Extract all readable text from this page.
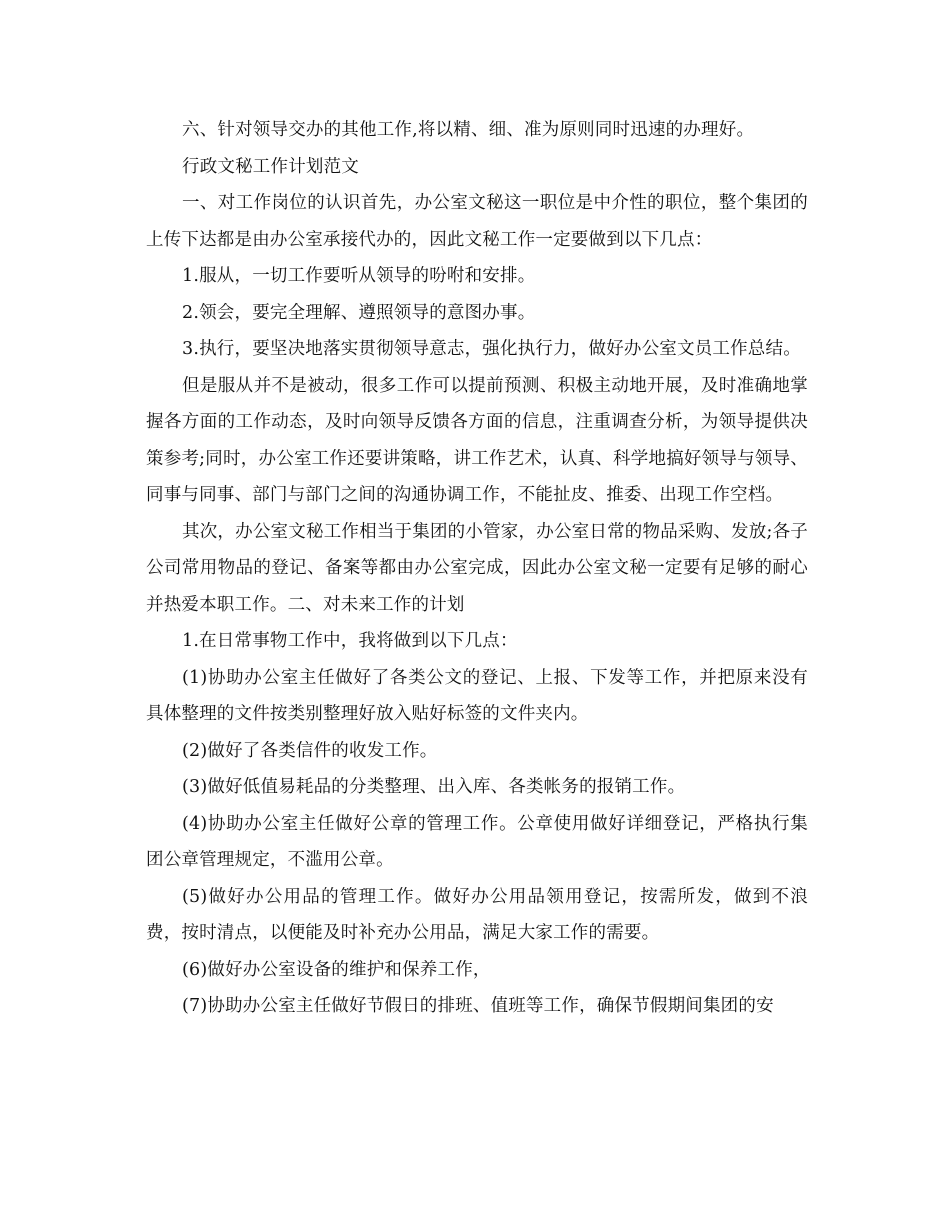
六、针对领导交办的其他工作,将以精、细、准为原则同时迅速的办理好。

行政文秘工作计划范文

一、对工作岗位的认识首先，办公室文秘这一职位是中介性的职位，整个集团的上传下达都是由办公室承接代办的，因此文秘工作一定要做到以下几点：

1.服从，一切工作要听从领导的吩咐和安排。

2.领会，要完全理解、遵照领导的意图办事。

3.执行，要坚决地落实贯彻领导意志，强化执行力，做好办公室文员工作总结。

但是服从并不是被动，很多工作可以提前预测、积极主动地开展，及时准确地掌握各方面的工作动态，及时向领导反馈各方面的信息，注重调查分析，为领导提供决策参考;同时，办公室工作还要讲策略，讲工作艺术，认真、科学地搞好领导与领导、同事与同事、部门与部门之间的沟通协调工作，不能扯皮、推委、出现工作空档。

其次，办公室文秘工作相当于集团的小管家，办公室日常的物品采购、发放;各子公司常用物品的登记、备案等都由办公室完成，因此办公室文秘一定要有足够的耐心并热爱本职工作。二、对未来工作的计划

1.在日常事物工作中，我将做到以下几点：

(1)协助办公室主任做好了各类公文的登记、上报、下发等工作，并把原来没有具体整理的文件按类别整理好放入贴好标签的文件夹内。

(2)做好了各类信件的收发工作。

(3)做好低值易耗品的分类整理、出入库、各类帐务的报销工作。

(4)协助办公室主任做好公章的管理工作。公章使用做好详细登记，严格执行集团公章管理规定，不滥用公章。

(5)做好办公用品的管理工作。做好办公用品领用登记，按需所发，做到不浪费，按时清点，以便能及时补充办公用品，满足大家工作的需要。

(6)做好办公室设备的维护和保养工作，

(7)协助办公室主任做好节假日的排班、值班等工作，确保节假期间集团的安
